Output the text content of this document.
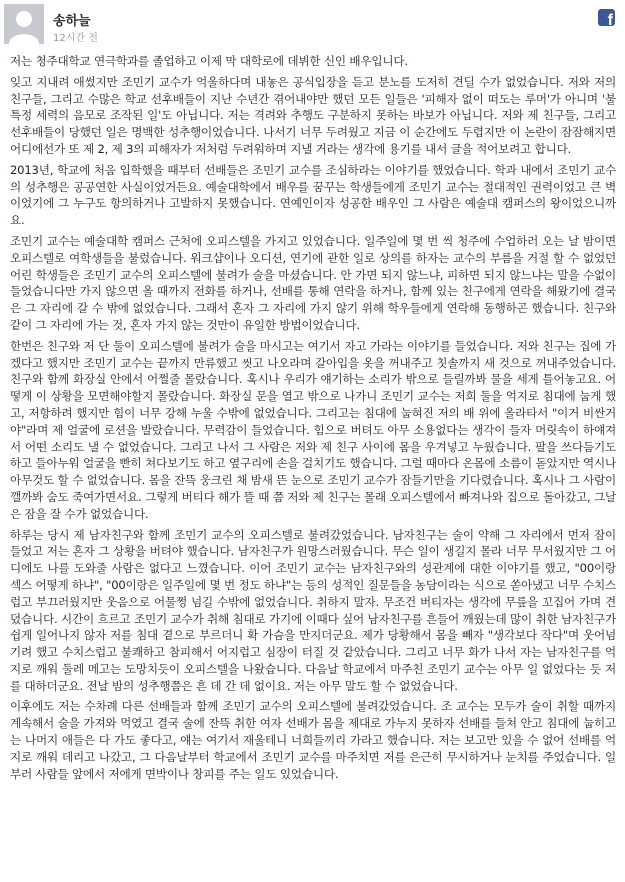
송하늘
12시간 전
f

저는 청주대학교 연극학과를 졸업하고 이제 막 대학로에 데뷔한 신인 배우입니다.

잊고 지내려 애썼지만 조민기 교수가 억울하다며 내놓은 공식입장을 듣고 분노를 도저히 견딜 수가 없었습니다. 저와 저의 친구들, 그리고 수많은 학교 선후배들이 지난 수년간 겪어내야만 했던 모든 일들은 '피해자 없이 떠도는 루머'가 아니며 '불특정 세력의 음모로 조작된 일'도 아닙니다. 저는 격려와 추행도 구분하지 못하는 바보가 아닙니다. 저와 제 친구들, 그리고 선후배들이 당했던 일은 명백한 성추행이었습니다. 나서기 너무 두려웠고 지금 이 순간에도 두렵지만 이 논란이 잠잠해지면 어디에선가 또 제 2, 제 3의 피해자가 저처럼 두려워하며 지낼 거라는 생각에 용기를 내서 글을 적어보려고 합니다.

2013년, 학교에 처음 입학했을 때부터 선배들은 조민기 교수를 조심하라는 이야기를 했었습니다. 학과 내에서 조민기 교수의 성추행은 공공연한 사실이었거든요. 예술대학에서 배우를 꿈꾸는 학생들에게 조민기 교수는 절대적인 권력이었고 큰 벽이었기에 그 누구도 항의하거나 고발하지 못했습니다. 연예인이자 성공한 배우인 그 사람은 예술대 캠퍼스의 왕이었으니까요.

조민기 교수는 예술대학 캠퍼스 근처에 오피스텔을 가지고 있었습니다. 일주일에 몇 번 씩 청주에 수업하러 오는 날 밤이면 오피스텔로 여학생들을 불렀습니다. 워크샵이나 오디션, 연기에 관한 일로 상의를 하자는 교수의 부름을 거절 할 수 없었던 어린 학생들은 조민기 교수의 오피스텔에 불려가 술을 마셨습니다. 안 가면 되지 않느냐, 피하면 되지 않느냐는 말을 수없이 들었습니다만 가지 않으면 올 때까지 전화를 하거나, 선배를 통해 연락을 하거나, 함께 있는 친구에게 연락을 해왔기에 결국은 그 자리에 갈 수 밖에 없었습니다. 그래서 혼자 그 자리에 가지 않기 위해 학우들에게 연락해 동행하곤 했습니다. 친구와 같이 그 자리에 가는 것, 혼자 가지 않는 것만이 유일한 방법이었습니다.

한번은 친구와 저 단 둘이 오피스텔에 불려가 술을 마시고는 여기서 자고 가라는 이야기를 들었습니다. 저와 친구는 집에 가겠다고 했지만 조민기 교수는 끝까지 만류했고 씻고 나오라며 갈아입을 옷을 꺼내주고 칫솔까지 새 것으로 꺼내주었습니다. 친구와 함께 화장실 안에서 어쩔줄 몰랐습니다. 혹시나 우리가 얘기하는 소리가 밖으로 들릴까봐 물을 세게 틀어놓고요. 어떻게 이 상황을 모면해야할지 몰랐습니다. 화장실 문을 열고 밖으로 나가니 조민기 교수는 저희 둘을 억지로 침대에 눕게 했고, 저항하려 했지만 힘이 너무 강해 누울 수밖에 없었습니다. 그리고는 침대에 눕혀진 저의 배 위에 올라타서 "이거 비싼거야"라며 제 얼굴에 로션을 발랐습니다. 무력감이 들었습니다. 힘으로 버텨도 아무 소용없다는 생각이 들자 머릿속이 하얘져서 어떤 소리도 낼 수 없었습니다. 그리고 나서 그 사람은 저와 제 친구 사이에 몸을 우겨넣고 누웠습니다. 팔을 쓰다듬기도 하고 들아누워 얼굴을 빤히 쳐다보기도 하고 옆구리에 손을 걸치기도 했습니다. 그럴 때마다 온몸에 소름이 돋았지만 역시나 아무것도 할 수 없었습니다. 몸을 잔뜩 웅크린 채 밤새 뜬 눈으로 조민기 교수가 잠들기만을 기다렸습니다. 혹시나 그 사람이 깰까봐 숨도 죽여가면서요. 그렇게 버티다 해가 뜰 때 쯤 저와 제 친구는 몰래 오피스텔에서 빠져나와 집으로 돌아갔고, 그날은 잠을 잘 수가 없었습니다.

하루는 당시 제 남자친구와 함께 조민기 교수의 오피스텔로 불려갔었습니다. 남자친구는 술이 약해 그 자리에서 먼저 잠이 들었고 저는 혼자 그 상황을 버텨야 했습니다. 남자친구가 원망스러웠습니다. 무슨 일이 생길지 몰라 너무 무서웠지만 그 어디에도 나를 도와줄 사람은 없다고 느꼈습니다. 이어 조민기 교수는 남자친구와의 성관계에 대한 이야기를 했고, "00이랑 섹스 어떻게 하냐", "00이랑은 일주일에 몇 번 정도 하냐"는 등의 성적인 질문들을 농담이라는 식으로 쏟아냈고 너무 수치스럽고 부끄러웠지만 웃음으로 어물쩡 넘길 수밖에 없었습니다. 취하지 말자. 무조건 버티자는 생각에 무릎을 꼬집어 가며 견뎠습니다. 시간이 흐르고 조민기 교수가 취해 침대로 가기에 이때다 싶어 남자친구를 흔들어 깨웠는데 많이 취한 남자친구가 쉽게 일어나지 않자 저를 침대 곁으로 부르더니 확 가슴을 만지더군요. 제가 당황해서 몸을 빼자 "생각보다 작다"며 웃어넘기려 했고 수치스럽고 불쾌하고 참피해서 어지럽고 심장이 터질 것 같았습니다. 그리고 너무 화가 나서 자는 남자친구를 억지로 깨워 둘레 메고는 도망치듯이 오피스텔을 나왔습니다. 다음날 학교에서 마주친 조민기 교수는 아무 일 없었다는 듯 저를 대하더군요. 전날 밤의 성추행쯤은 흔 데 간 데 없이요. 저는 아무 말도 할 수 없었습니다.

이후에도 저는 수차례 다른 선배들과 함께 조민기 교수의 오피스텔에 불려갔었습니다. 조 교수는 모두가 술이 취할 때까지 계속해서 술을 가져와 먹였고 결국 술에 잔뜩 취한 여자 선배가 몸을 제대로 가누지 못하자 선배를 들쳐 안고 침대에 눕히고는 나머지 애들은 다 가도 좋다고, 얘는 여기서 재울테니 너희들끼리 가라고 했습니다. 저는 보고만 있을 수 없어 선배를 억지로 깨워 데리고 나갔고, 그 다음날부터 학교에서 조민기 교수를 마주치면 저를 은근히 무시하거나 눈치를 주었습니다. 일부러 사람들 앞에서 저에게 면박이나 창피를 주는 일도 있었습니다.
